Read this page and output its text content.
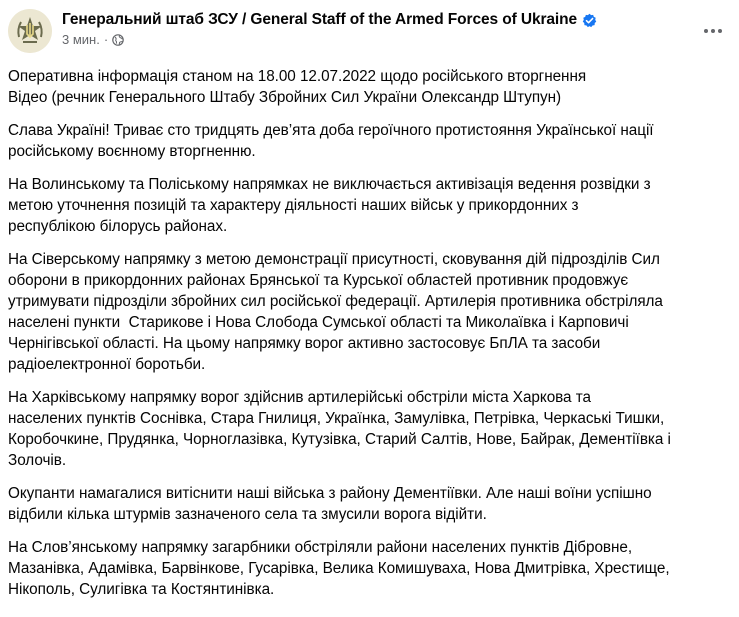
Генеральний штаб ЗСУ / General Staff of the Armed Forces of Ukraine
3 мин. ·

Оперативна інформація станом на 18.00 12.07.2022 щодо російського вторгнення
Відео (речник Генерального Штабу Збройних Сил України Олександр Штупун)

Слава Україні! Триває сто тридцять дев’ята доба героїчного протистояння Української нації
російському воєнному вторгненню.

На Волинському та Поліському напрямках не виключається активізація ведення розвідки з
метою уточнення позицій та характеру діяльності наших військ у прикордонних з
республікою білорусь районах.

На Сіверському напрямку з метою демонстрації присутності, сковування дій підрозділів Сил
оборони в прикордонних районах Брянської та Курської областей противник продовжує
утримувати підрозділи збройних сил російської федерації. Артилерія противника обстріляла
населені пункти  Старикове і Нова Слобода Сумської області та Миколаївка і Карповичі
Чернігівської області. На цьому напрямку ворог активно застосовує БпЛА та засоби
радіоелектронної боротьби.

На Харківському напрямку ворог здійснив артилерійські обстріли міста Харкова та
населених пунктів Соснівка, Стара Гнилиця, Українка, Замулівка, Петрівка, Черкаські Тишки,
Коробочкине, Прудянка, Чорноглазівка, Кутузівка, Старий Салтів, Нове, Байрак, Дементіївка і
Золочів.

Окупанти намагалися витіснити наші війська з району Дементіївки. Але наші воїни успішно
відбили кілька штурмів зазначеного села та змусили ворога відійти.

На Слов’янському напрямку загарбники обстріляли райони населених пунктів Дібровне,
Мазанівка, Адамівка, Барвінкове, Гусарівка, Велика Комишуваха, Нова Дмитрівка, Хрестище,
Нікополь, Сулигівка та Костянтинівка.
